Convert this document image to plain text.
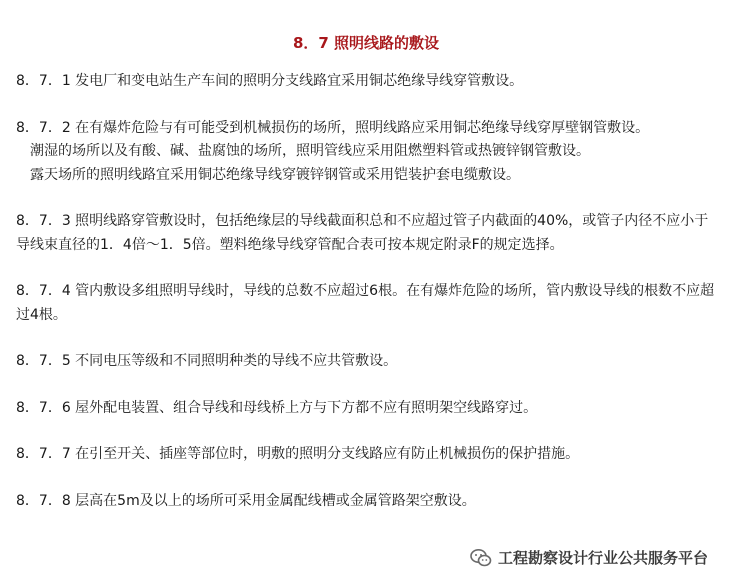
8．7 照明线路的敷设

8．7．1 发电厂和变电站生产车间的照明分支线路宜采用铜芯绝缘导线穿管敷设。

8．7．2 在有爆炸危险与有可能受到机械损伤的场所，照明线路应采用铜芯绝缘导线穿厚壁钢管敷设。

潮湿的场所以及有酸、碱、盐腐蚀的场所，照明管线应采用阻燃塑料管或热镀锌钢管敷设。

露天场所的照明线路宜采用铜芯绝缘导线穿镀锌钢管或采用铠装护套电缆敷设。

8．7．3 照明线路穿管敷设时，包括绝缘层的导线截面积总和不应超过管子内截面的40%，或管子内径不应小于导线束直径的1．4倍～1．5倍。塑料绝缘导线穿管配合表可按本规定附录F的规定选择。

8．7．4 管内敷设多组照明导线时，导线的总数不应超过6根。在有爆炸危险的场所，管内敷设导线的根数不应超过4根。

8．7．5 不同电压等级和不同照明种类的导线不应共管敷设。

8．7．6 屋外配电装置、组合导线和母线桥上方与下方都不应有照明架空线路穿过。

8．7．7 在引至开关、插座等部位时，明敷的照明分支线路应有防止机械损伤的保护措施。

8．7．8 层高在5m及以上的场所可采用金属配线槽或金属管路架空敷设。

工程勘察设计行业公共服务平台
